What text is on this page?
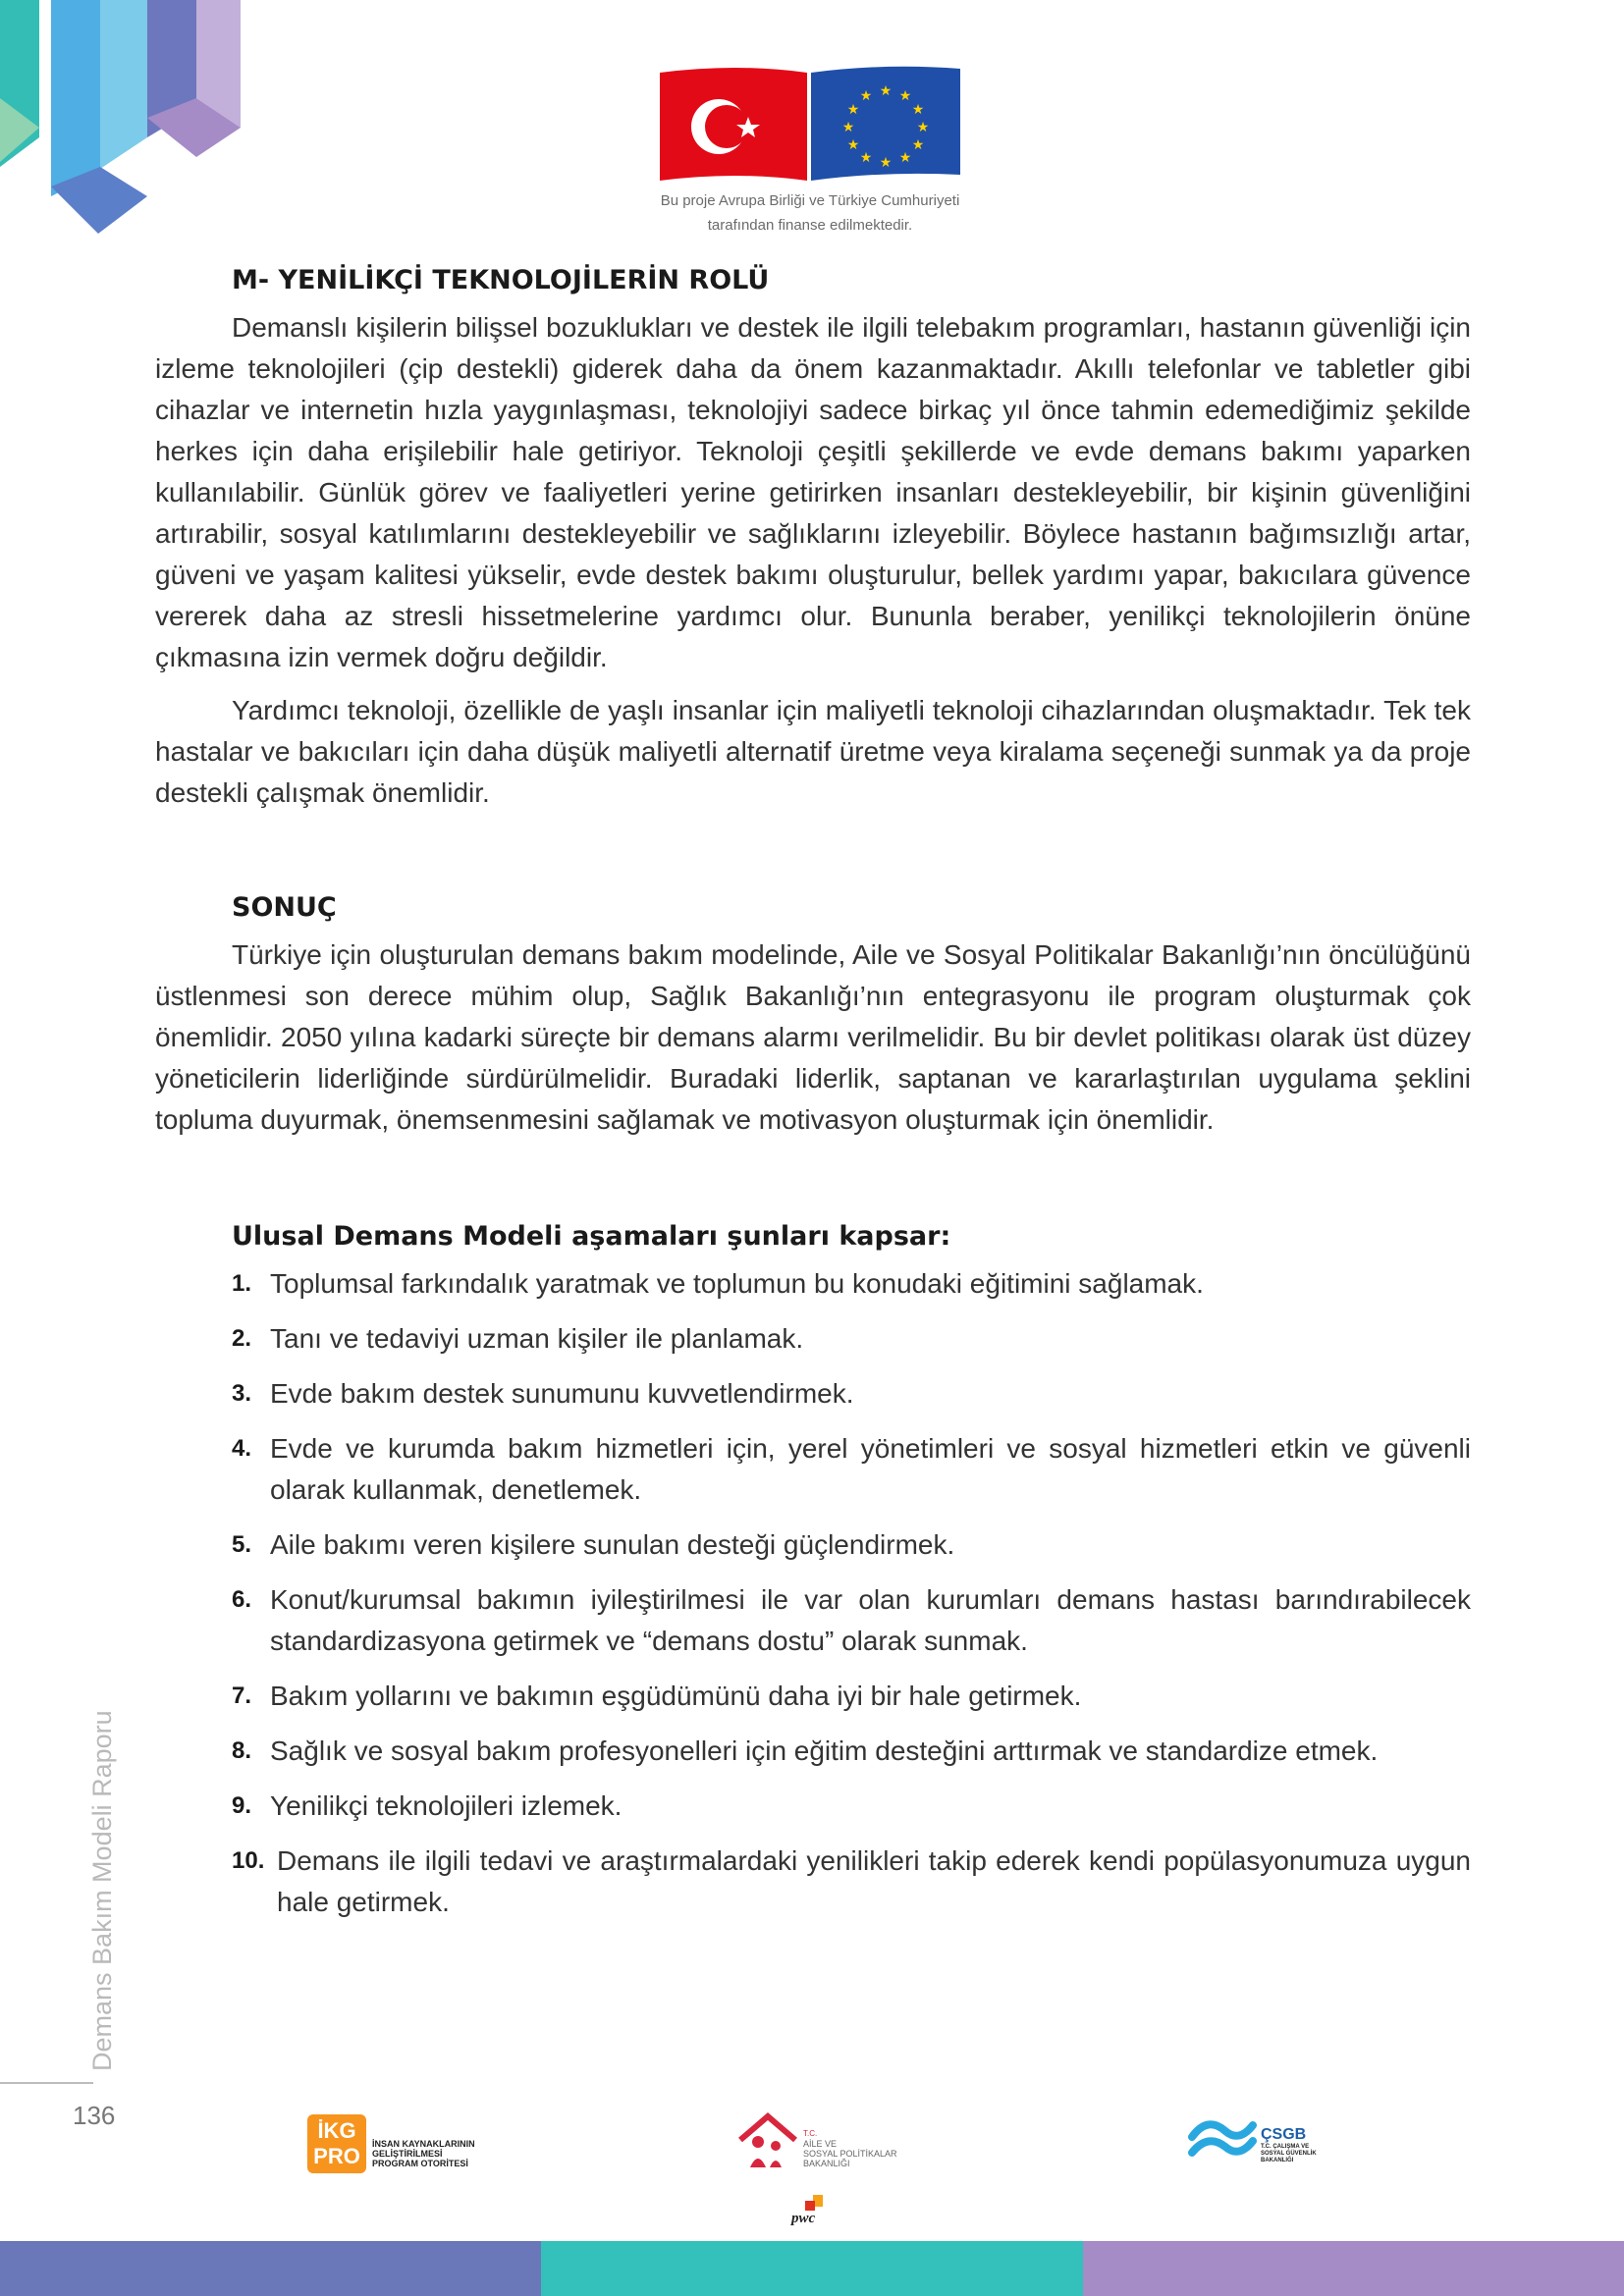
★ ★
★
★
★
★
★
★
★
★
★
★
Bu proje Avrupa Birliği ve Türkiye Cumhuriyeti
tarafından finanse edilmektedir.
M- YENİLİKÇİ TEKNOLOJİLERİN ROLÜ

Demanslı kişilerin bilişsel bozuklukları ve destek ile ilgili telebakım programları, hastanın güvenliği için izleme teknolojileri (çip destekli) giderek daha da önem kazanmaktadır. Akıllı telefonlar ve tabletler gibi cihazlar ve internetin hızla yaygınlaşması, teknolojiyi sadece birkaç yıl önce tahmin edemediğimiz şekilde herkes için daha erişilebilir hale getiriyor. Teknoloji çeşitli şekillerde ve evde demans bakımı yaparken kullanılabilir. Günlük görev ve faaliyetleri yerine getirirken insanları destekleyebilir, bir kişinin güvenliğini artırabilir, sosyal katılımlarını destekleyebilir ve sağlıklarını izleyebilir. Böylece hastanın bağımsızlığı artar, güveni ve yaşam kalitesi yükselir, evde destek bakımı oluşturulur, bellek yardımı yapar, bakıcılara güvence vererek daha az stresli hissetmelerine yardımcı olur. Bununla beraber, yenilikçi teknolojilerin önüne çıkmasına izin vermek doğru değildir.

Yardımcı teknoloji, özellikle de yaşlı insanlar için maliyetli teknoloji cihazlarından oluşmaktadır. Tek tek hastalar ve bakıcıları için daha düşük maliyetli alternatif üretme veya kiralama seçeneği sunmak ya da proje destekli çalışmak önemlidir.

SONUÇ

Türkiye için oluşturulan demans bakım modelinde, Aile ve Sosyal Politikalar Bakanlığı’nın öncülüğünü üstlenmesi son derece mühim olup, Sağlık Bakanlığı’nın entegrasyonu ile program oluşturmak çok önemlidir. 2050 yılına kadarki süreçte bir demans alarmı verilmelidir. Bu bir devlet politikası olarak üst düzey yöneticilerin liderliğinde sürdürülmelidir. Buradaki liderlik, saptanan ve kararlaştırılan uygulama şeklini topluma duyurmak, önemsenmesini sağlamak ve motivasyon oluşturmak için önemlidir.

Ulusal Demans Modeli aşamaları şunları kapsar:
1. Toplumsal farkındalık yaratmak ve toplumun bu konudaki eğitimini sağlamak.
2. Tanı ve tedaviyi uzman kişiler ile planlamak.
3. Evde bakım destek sunumunu kuvvetlendirmek.
4. Evde ve kurumda bakım hizmetleri için, yerel yönetimleri ve sosyal hizmetleri etkin ve güvenli olarak kullanmak, denetlemek.
5. Aile bakımı veren kişilere sunulan desteği güçlendirmek.
6. Konut/kurumsal bakımın iyileştirilmesi ile var olan kurumları demans hastası barındırabilecek standardizasyona getirmek ve “demans dostu” olarak sunmak.
7. Bakım yollarını ve bakımın eşgüdümünü daha iyi bir hale getirmek.
8. Sağlık ve sosyal bakım profesyonelleri için eğitim desteğini arttırmak ve standardize etmek.
9. Yenilikçi teknolojileri izlemek.
10. Demans ile ilgili tedavi ve araştırmalardaki yenilikleri takip ederek kendi popülasyonumuza uygun hale getirmek.
Demans Bakım Modeli Raporu
136
İKG
PRO	İNSAN KAYNAKLARININ
GELİŞTİRİLMESİ
PROGRAM OTORİTESİ
T.C.
AİLE VE
SOSYAL POLİTİKALAR
BAKANLIĞI
ÇSGB
T.C. ÇALIŞMA VE
SOSYAL GÜVENLİK
BAKANLIĞI
pwc
